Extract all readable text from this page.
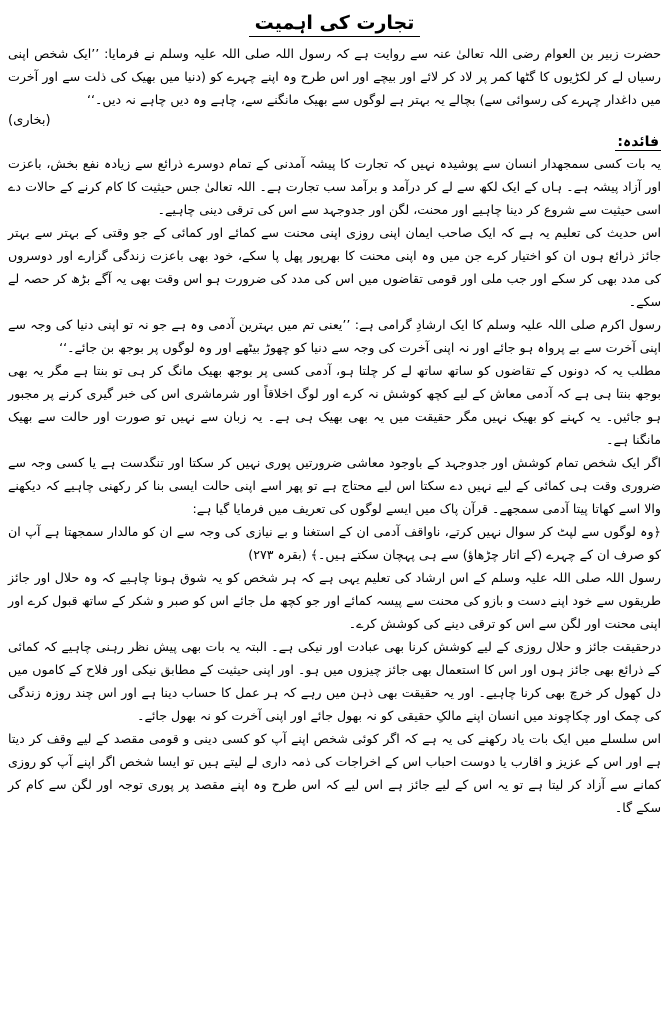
تجارت کی اہمیت

حضرت زبیر بن العوام رضی اللہ تعالیٰ عنہ سے روایت ہے کہ رسول اللہ صلی اللہ علیہ وسلم نے فرمایا: ’’ایک شخص اپنی رسیاں لے کر لکڑیوں کا گٹھا کمر پر لاد کر لائے اور بیچے اور اس طرح وہ اپنے چہرے کو (دنیا میں بھیک کی ذلت سے اور آخرت میں داغدار چہرے کی رسوائی سے) بچالے یہ بہتر ہے لوگوں سے بھیک مانگنے سے، چاہے وہ دیں چاہے نہ دیں۔‘‘

(بخاری)
فائدہ:

یہ بات کسی سمجھدار انسان سے پوشیدہ نہیں کہ تجارت کا پیشہ آمدنی کے تمام دوسرے ذرائع سے زیادہ نفع بخش، باعزت اور آزاد پیشہ ہے۔ ہاں کے ایک لکھ سے لے کر درآمد و برآمد سب تجارت ہے۔ اللہ تعالیٰ جس حیثیت کا کام کرنے کے حالات دے اسی حیثیت سے شروع کر دینا چاہیے اور محنت، لگن اور جدوجہد سے اس کی ترقی دینی چاہیے۔

اس حدیث کی تعلیم یہ ہے کہ ایک صاحب ایمان اپنی روزی اپنی محنت سے کمائے اور کمائی کے جو وقتی کے بہتر سے بہتر جائز ذرائع ہوں ان کو اختیار کرے جن میں وہ اپنی محنت کا بھرپور پھل پا سکے، خود بھی باعزت زندگی گزارے اور دوسروں کی مدد بھی کر سکے اور جب ملی اور قومی تقاضوں میں اس کی مدد کی ضرورت ہو اس وقت بھی یہ آگے بڑھ کر حصہ لے سکے۔

رسول اکرم صلی اللہ علیہ وسلم کا ایک ارشادِ گرامی ہے: ’’یعنی تم میں بہترین آدمی وہ ہے جو نہ تو اپنی دنیا کی وجہ سے اپنی آخرت سے بے پرواہ ہو جائے اور نہ اپنی آخرت کی وجہ سے دنیا کو چھوڑ بیٹھے اور وہ لوگوں پر بوجھ بن جائے۔‘‘

مطلب یہ کہ دونوں کے تقاضوں کو ساتھ ساتھ لے کر چلتا ہو، آدمی کسی پر بوجھ بھیک مانگ کر ہی تو بنتا ہے مگر یہ بھی بوجھ بنتا ہی ہے کہ آدمی معاش کے لیے کچھ کوشش نہ کرے اور لوگ اخلاقاً اور شرماشری اس کی خبر گیری کرنے پر مجبور ہو جائیں۔ یہ کہنے کو بھیک نہیں مگر حقیقت میں یہ بھی بھیک ہی ہے۔ یہ زبان سے نہیں تو صورت اور حالت سے بھیک مانگنا ہے۔

اگر ایک شخص تمام کوشش اور جدوجہد کے باوجود معاشی ضرورتیں پوری نہیں کر سکتا اور تنگدست ہے یا کسی وجہ سے ضروری وقت ہی کمائی کے لیے نہیں دے سکتا اس لیے محتاج ہے تو پھر اسے اپنی حالت ایسی بنا کر رکھنی چاہیے کہ دیکھنے والا اسے کھاتا پیتا آدمی سمجھے۔ قرآن پاک میں ایسے لوگوں کی تعریف میں فرمایا گیا ہے:

﴿وہ لوگوں سے لپٹ کر سوال نہیں کرتے، ناواقف آدمی ان کے استغنا و بے نیازی کی وجہ سے ان کو مالدار سمجھتا ہے آپ ان کو صرف ان کے چہرے (کے اتار چڑھاؤ) سے ہی پہچان سکتے ہیں۔﴾ (بقرہ ۲۷۳)

رسول اللہ صلی اللہ علیہ وسلم کے اس ارشاد کی تعلیم یہی ہے کہ ہر شخص کو یہ شوق ہونا چاہیے کہ وہ حلال اور جائز طریقوں سے خود اپنے دست و بازو کی محنت سے پیسہ کمائے اور جو کچھ مل جائے اس کو صبر و شکر کے ساتھ قبول کرے اور اپنی محنت اور لگن سے اس کو ترقی دینے کی کوشش کرے۔

درحقیقت جائز و حلال روزی کے لیے کوشش کرنا بھی عبادت اور نیکی ہے۔ البتہ یہ بات بھی پیش نظر رہنی چاہیے کہ کمائی کے ذرائع بھی جائز ہوں اور اس کا استعمال بھی جائز چیزوں میں ہو۔ اور اپنی حیثیت کے مطابق نیکی اور فلاح کے کاموں میں دل کھول کر خرچ بھی کرنا چاہیے۔ اور یہ حقیقت بھی ذہن میں رہے کہ ہر عمل کا حساب دینا ہے اور اس چند روزہ زندگی کی چمک اور چکاچوند میں انسان اپنے مالکِ حقیقی کو نہ بھول جائے اور اپنی آخرت کو نہ بھول جائے۔

اس سلسلے میں ایک بات یاد رکھنے کی یہ ہے کہ اگر کوئی شخص اپنے آپ کو کسی دینی و قومی مقصد کے لیے وقف کر دیتا ہے اور اس کے عزیز و اقارب یا دوست احباب اس کے اخراجات کی ذمہ داری لے لیتے ہیں تو ایسا شخص اگر اپنے آپ کو روزی کمانے سے آزاد کر لیتا ہے تو یہ اس کے لیے جائز ہے اس لیے کہ اس طرح وہ اپنے مقصد پر پوری توجہ اور لگن سے کام کر سکے گا۔
